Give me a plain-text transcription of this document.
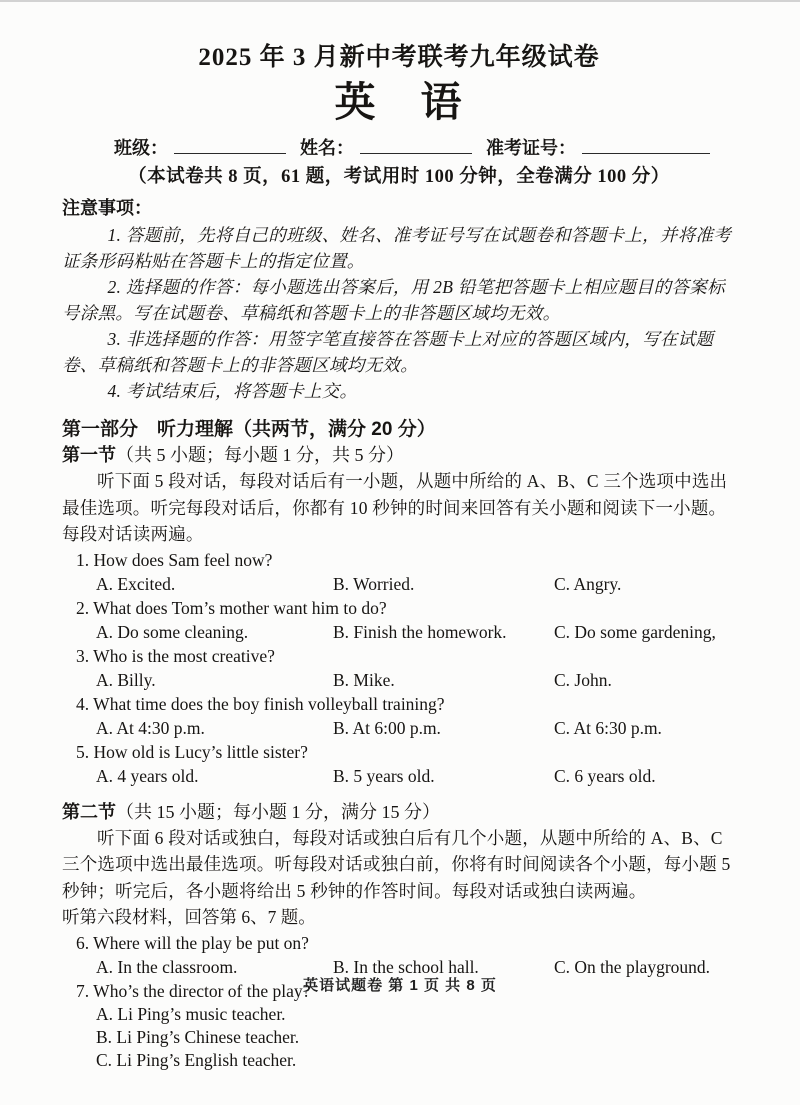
2025 年 3 月新中考联考九年级试卷
英　语
班级：	姓名：	准考证号：
（本试卷共 8 页，61 题，考试用时 100 分钟，全卷满分 100 分）
注意事项：

1. 答题前，先将自己的班级、姓名、准考证号写在试题卷和答题卡上，并将准考证条形码粘贴在答题卡上的指定位置。

2. 选择题的作答：每小题选出答案后，用 2B 铅笔把答题卡上相应题目的答案标号涂黑。写在试题卷、草稿纸和答题卡上的非答题区域均无效。

3. 非选择题的作答：用签字笔直接答在答题卡上对应的答题区域内，写在试题卷、草稿纸和答题卡上的非答题区域均无效。

4. 考试结束后，将答题卡上交。

第一部分　听力理解（共两节，满分 20 分）
第一节（共 5 小题；每小题 1 分，共 5 分）

听下面 5 段对话，每段对话后有一小题，从题中所给的 A、B、C 三个选项中选出最佳选项。听完每段对话后，你都有 10 秒钟的时间来回答有关小题和阅读下一小题。每段对话读两遍。

1. How does Sam feel now?
A. Excited.	B. Worried.	C. Angry.
2. What does Tom’s mother want him to do?
A. Do some cleaning.	B. Finish the homework.	C. Do some gardening,
3. Who is the most creative?
A. Billy.	B. Mike.	C. John.
4. What time does the boy finish volleyball training?
A. At 4:30 p.m.	B. At 6:00 p.m.	C. At 6:30 p.m.
5. How old is Lucy’s little sister?
A. 4 years old.	B. 5 years old.	C. 6 years old.
第二节（共 15 小题；每小题 1 分，满分 15 分）

听下面 6 段对话或独白，每段对话或独白后有几个小题，从题中所给的 A、B、C 三个选项中选出最佳选项。听每段对话或独白前，你将有时间阅读各个小题，每小题 5 秒钟；听完后，各小题将给出 5 秒钟的作答时间。每段对话或独白读两遍。

听第六段材料，回答第 6、7 题。

6. Where will the play be put on?
A. In the classroom.	B. In the school hall.	C. On the playground.
7. Who’s the director of the play?
A. Li Ping’s music teacher.
B. Li Ping’s Chinese teacher.
C. Li Ping’s English teacher.
英语试题卷 第 1 页 共 8 页
